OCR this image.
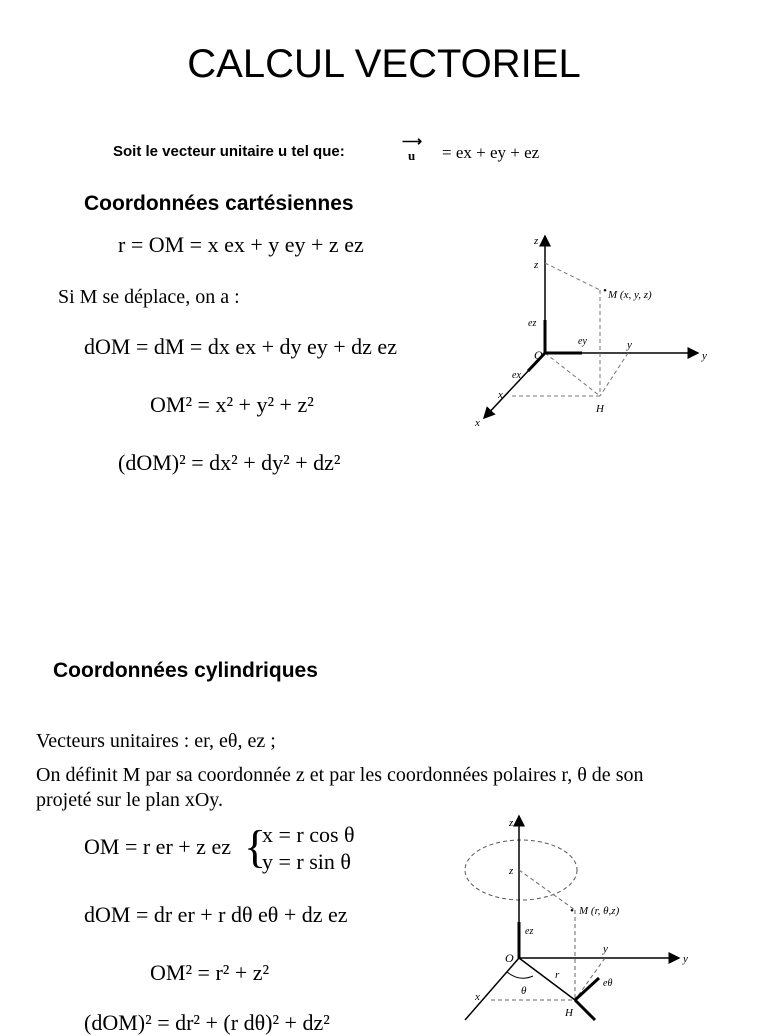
CALCUL VECTORIEL
Soit le vecteur unitaire u tel que:
⟶
u	= ex + ey + ez
Coordonnées cartésiennes
r = OM = x ex + y ey + z ez
Si M se déplace, on a :
dOM = dM = dx ex + dy ey + dz ez
OM² = x² + y² + z²
(dOM)² = dx² + dy² + dz²
z
z
y
y
x
x
M (x, y, z)
•
O
H
ez
ey
ex
Coordonnées cylindriques
Vecteurs unitaires : er, eθ, ez ;
On définit M par sa coordonnée z et par les coordonnées polaires r, θ de son
projeté sur le plan xOy.
OM = r er + z ez {
x = r cos θ
y = r sin θ
dOM = dr er + r dθ eθ + dz ez
OM² = r² + z²
(dOM)² = dr² + (r dθ)² + dz²
z
z
y
y
x
M (r, θ,z)
•
O
H
r
θ
ez
eθ
